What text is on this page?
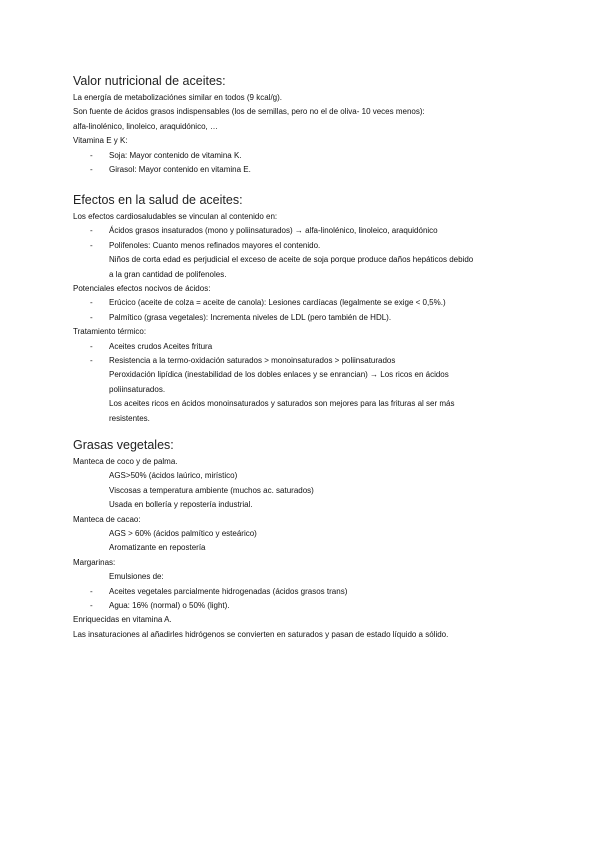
Valor nutricional de aceites:
La energía de metabolizaciónes similar en todos (9 kcal/g).
Son fuente de ácidos grasos indispensables (los de semillas, pero no el de oliva- 10 veces menos):
alfa-linolénico, linoleico, araquidónico, …
Vitamina E y K:
- Soja: Mayor contenido de vitamina K.
- Girasol: Mayor contenido en vitamina E.
Efectos en la salud de aceites:
Los efectos cardiosaludables se vinculan al contenido en:
- Ácidos grasos insaturados (mono y poliinsaturados) → alfa-linolénico, linoleico, araquidónico
- Polifenoles: Cuanto menos refinados mayores el contenido.
Niños de corta edad es perjudicial el exceso de aceite de soja porque produce daños hepáticos debido
a la gran cantidad de polifenoles.
Potenciales efectos nocivos de ácidos:
- Erúcico (aceite de colza = aceite de canola): Lesiones cardíacas (legalmente se exige < 0,5%.)
- Palmítico (grasa vegetales): Incrementa niveles de LDL (pero también de HDL).
Tratamiento térmico:
- Aceites crudos Aceites fritura
- Resistencia a la termo-oxidación saturados > monoinsaturados > poliinsaturados
Peroxidación lipídica (inestabilidad de los dobles enlaces y se enrancian) → Los ricos en ácidos
poliinsaturados.
Los aceites ricos en ácidos monoinsaturados y saturados son mejores para las frituras al ser más
resistentes.
Grasas vegetales:
Manteca de coco y de palma.
AGS>50% (ácidos laúrico, mirístico)
Viscosas a temperatura ambiente (muchos ac. saturados)
Usada en bollería y repostería industrial.
Manteca de cacao:
AGS > 60% (ácidos palmítico y esteárico)
Aromatizante en repostería
Margarinas:
Emulsiones de:
- Aceites vegetales parcialmente hidrogenadas (ácidos grasos trans)
- Agua: 16% (normal) o 50% (light).
Enriquecidas en vitamina A.
Las insaturaciones al añadirles hidrógenos se convierten en saturados y pasan de estado líquido a sólido.
